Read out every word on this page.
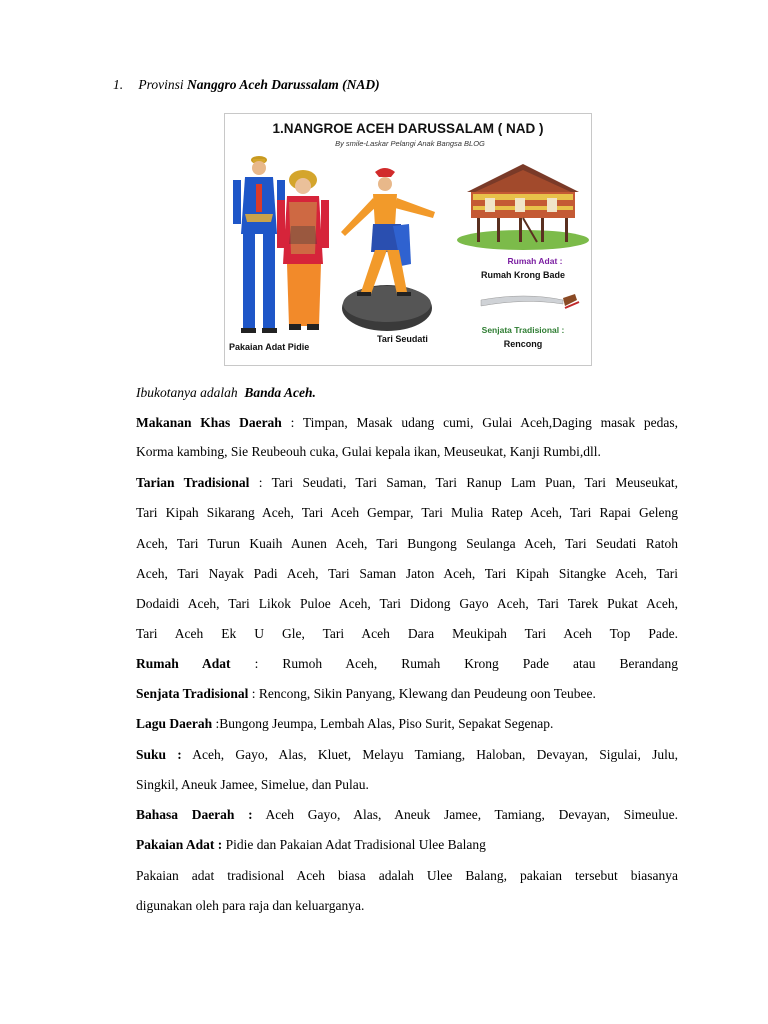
1. Provinsi Nanggro Aceh Darussalam (NAD)
1.NANGROE ACEH DARUSSALAM ( NAD )
By smile-Laskar Pelangi Anak Bangsa BLOG
Pakaian Adat Pidie
Tari Seudati
Rumah Adat :
Rumah Krong Bade
Senjata Tradisional :
Rencong
Ibukotanya adalah Banda Aceh.
Makanan Khas Daerah : Timpan, Masak udang cumi, Gulai Aceh,Daging masak pedas,
Korma kambing, Sie Reubeouh cuka, Gulai kepala ikan, Meuseukat, Kanji Rumbi,dll.
Tarian Tradisional : Tari Seudati, Tari Saman, Tari Ranup Lam Puan, Tari Meuseukat,
Tari Kipah Sikarang Aceh, Tari Aceh Gempar, Tari Mulia Ratep Aceh, Tari Rapai Geleng
Aceh, Tari Turun Kuaih Aunen Aceh, Tari Bungong Seulanga Aceh, Tari Seudati Ratoh
Aceh, Tari Nayak Padi Aceh, Tari Saman Jaton Aceh, Tari Kipah Sitangke Aceh, Tari
Dodaidi Aceh, Tari Likok Puloe Aceh, Tari Didong Gayo Aceh, Tari Tarek Pukat Aceh,
Tari Aceh Ek U Gle, Tari Aceh Dara Meukipah Tari Aceh Top Pade.
Rumah Adat : Rumoh Aceh, Rumah Krong Pade atau Berandang
Senjata Tradisional : Rencong, Sikin Panyang, Klewang dan Peudeung oon Teubee.
Lagu Daerah :Bungong Jeumpa, Lembah Alas, Piso Surit, Sepakat Segenap.
Suku : Aceh, Gayo, Alas, Kluet, Melayu Tamiang, Haloban, Devayan, Sigulai, Julu,
Singkil, Aneuk Jamee, Simelue, dan Pulau.
Bahasa Daerah : Aceh Gayo, Alas, Aneuk Jamee, Tamiang, Devayan, Simeulue.
Pakaian Adat : Pidie dan Pakaian Adat Tradisional Ulee Balang
Pakaian adat tradisional Aceh biasa adalah Ulee Balang, pakaian tersebut biasanya
digunakan oleh para raja dan keluarganya.
